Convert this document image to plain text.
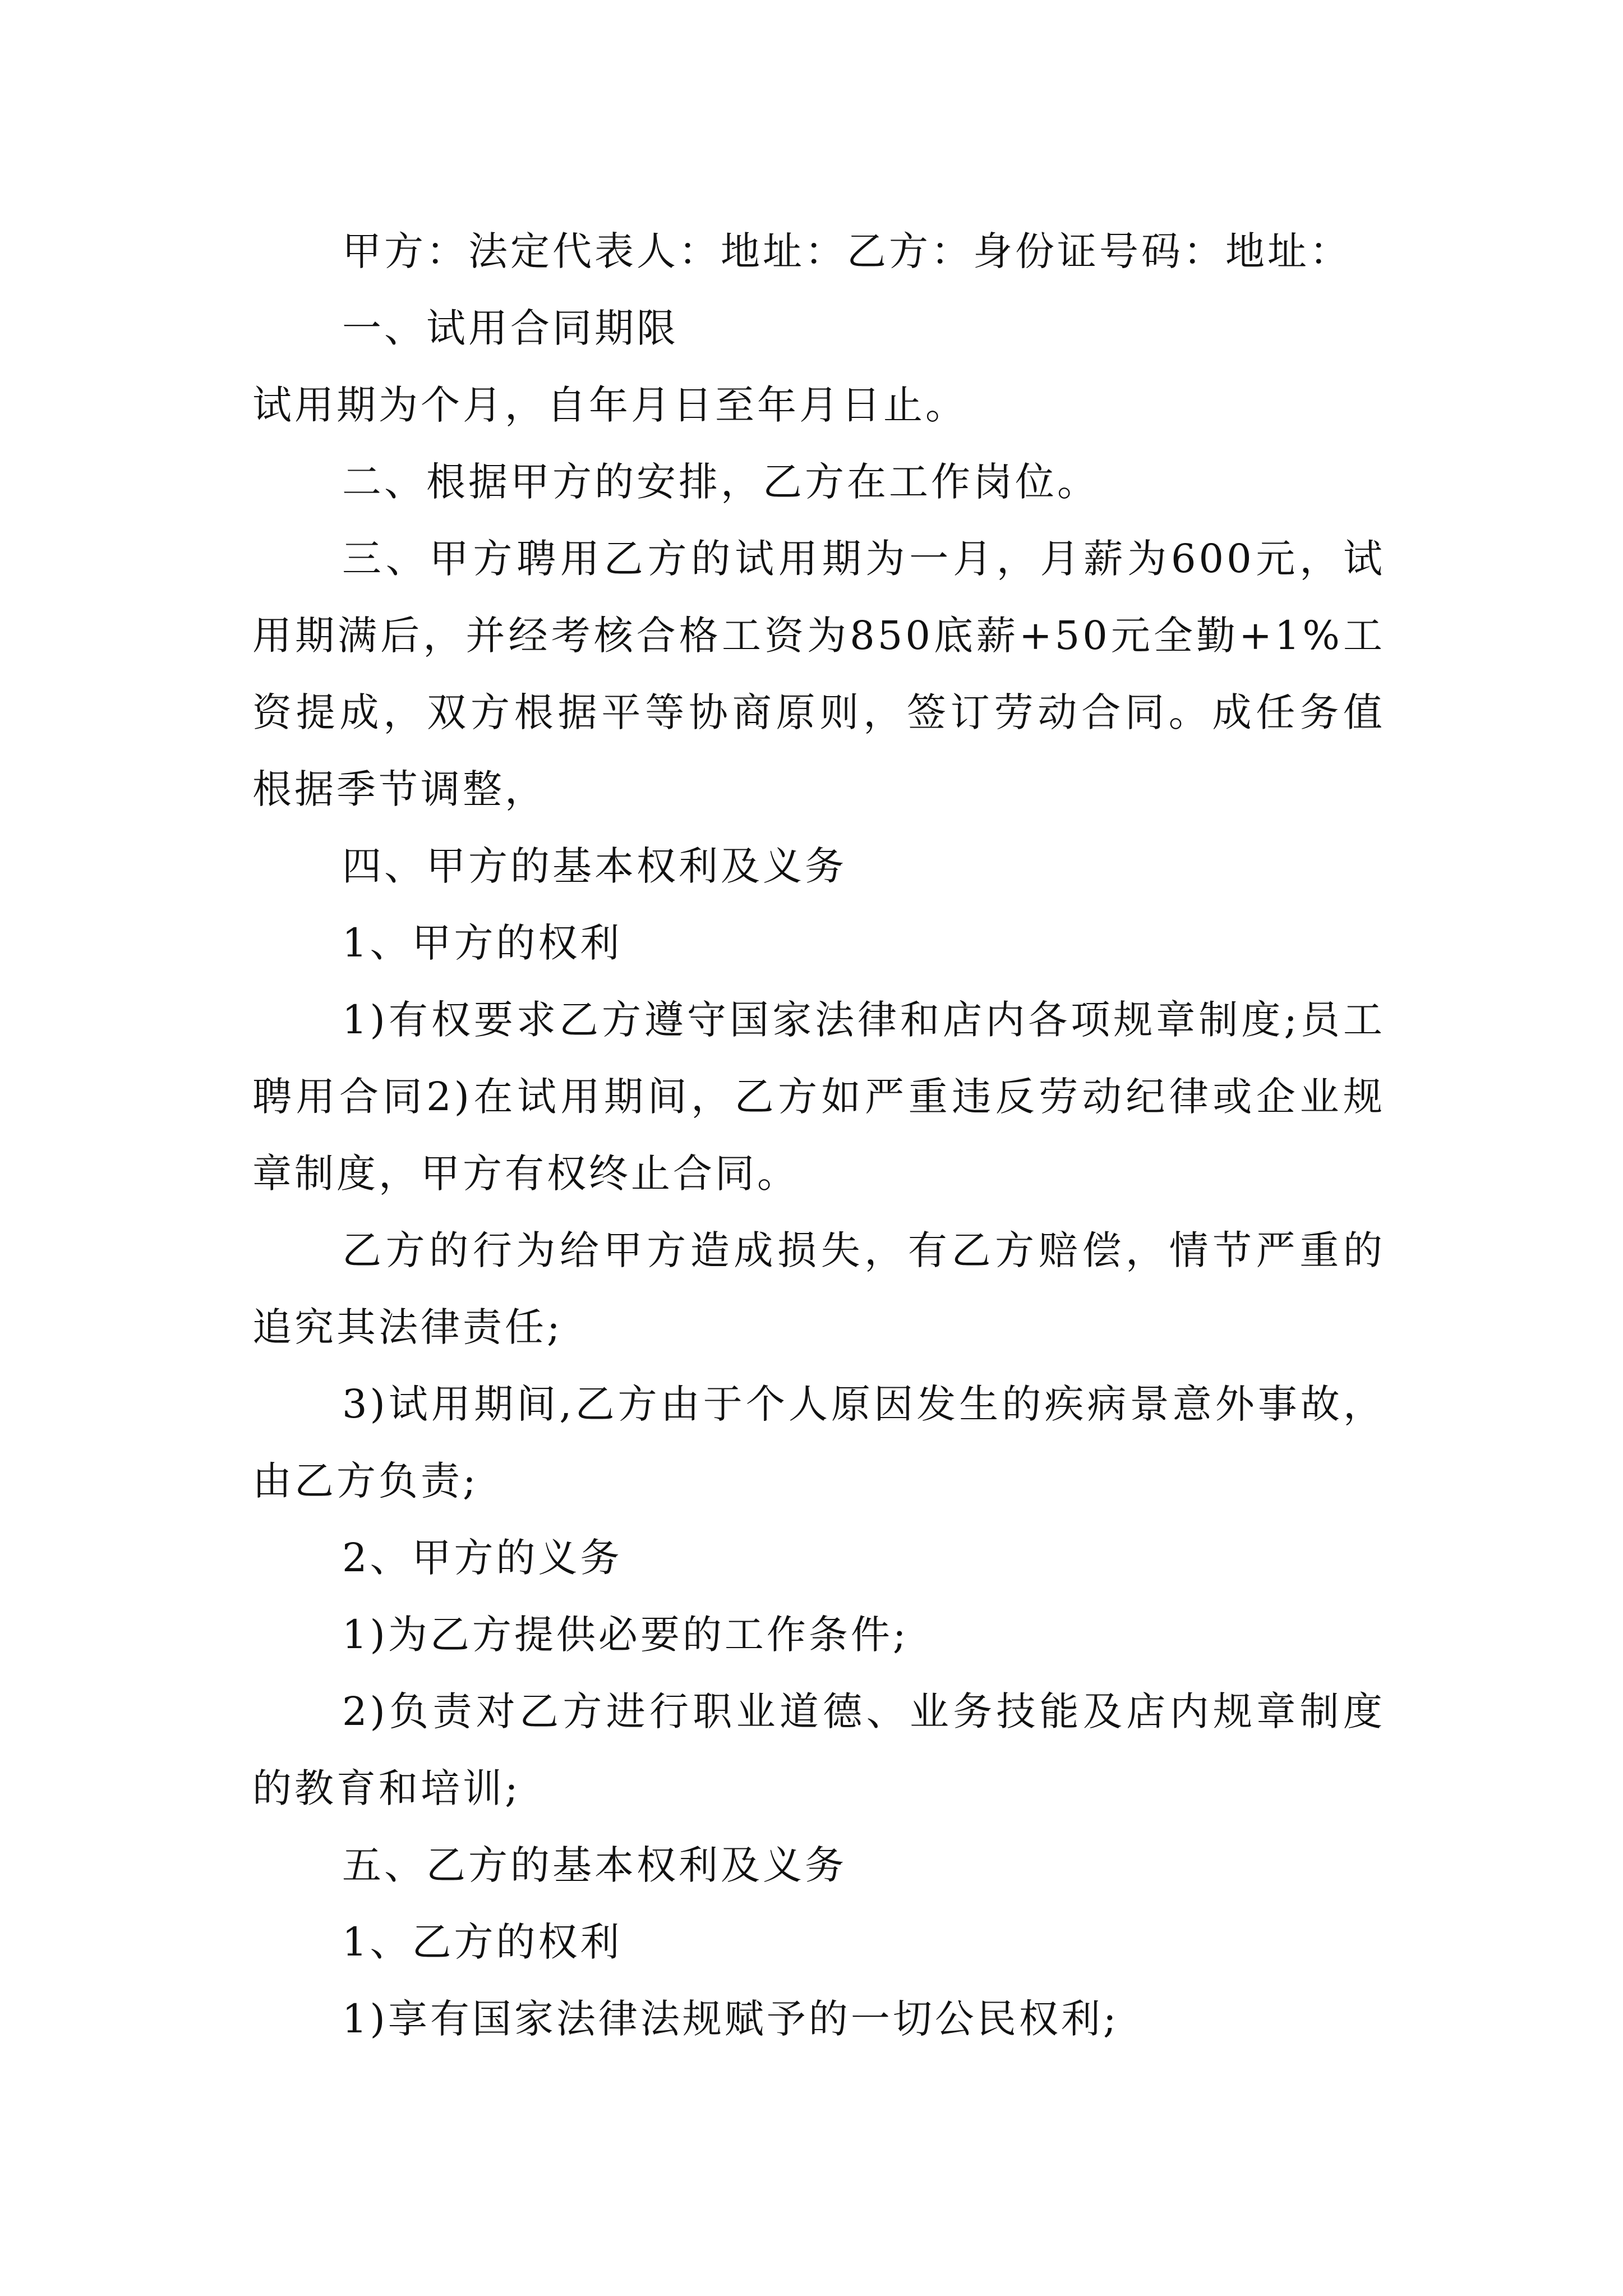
甲方：法定代表人：地址：乙方：身份证号码：地址：

一、试用合同期限

试用期为个月，自年月日至年月日止。

二、根据甲方的安排，乙方在工作岗位。

三、甲方聘用乙方的试用期为一月，月薪为600元，试用期满后，并经考核合格工资为850底薪+50元全勤+1%工资提成，双方根据平等协商原则，签订劳动合同。成任务值根据季节调整，

四、甲方的基本权利及义务

1、甲方的权利

1)有权要求乙方遵守国家法律和店内各项规章制度;员工聘用合同2)在试用期间，乙方如严重违反劳动纪律或企业规章制度，甲方有权终止合同。

乙方的行为给甲方造成损失，有乙方赔偿，情节严重的追究其法律责任;

3)试用期间,乙方由于个人原因发生的疾病景意外事故，由乙方负责;

2、甲方的义务

1)为乙方提供必要的工作条件;

2)负责对乙方进行职业道德、业务技能及店内规章制度的教育和培训;

五、乙方的基本权利及义务

1、乙方的权利

1)享有国家法律法规赋予的一切公民权利;
